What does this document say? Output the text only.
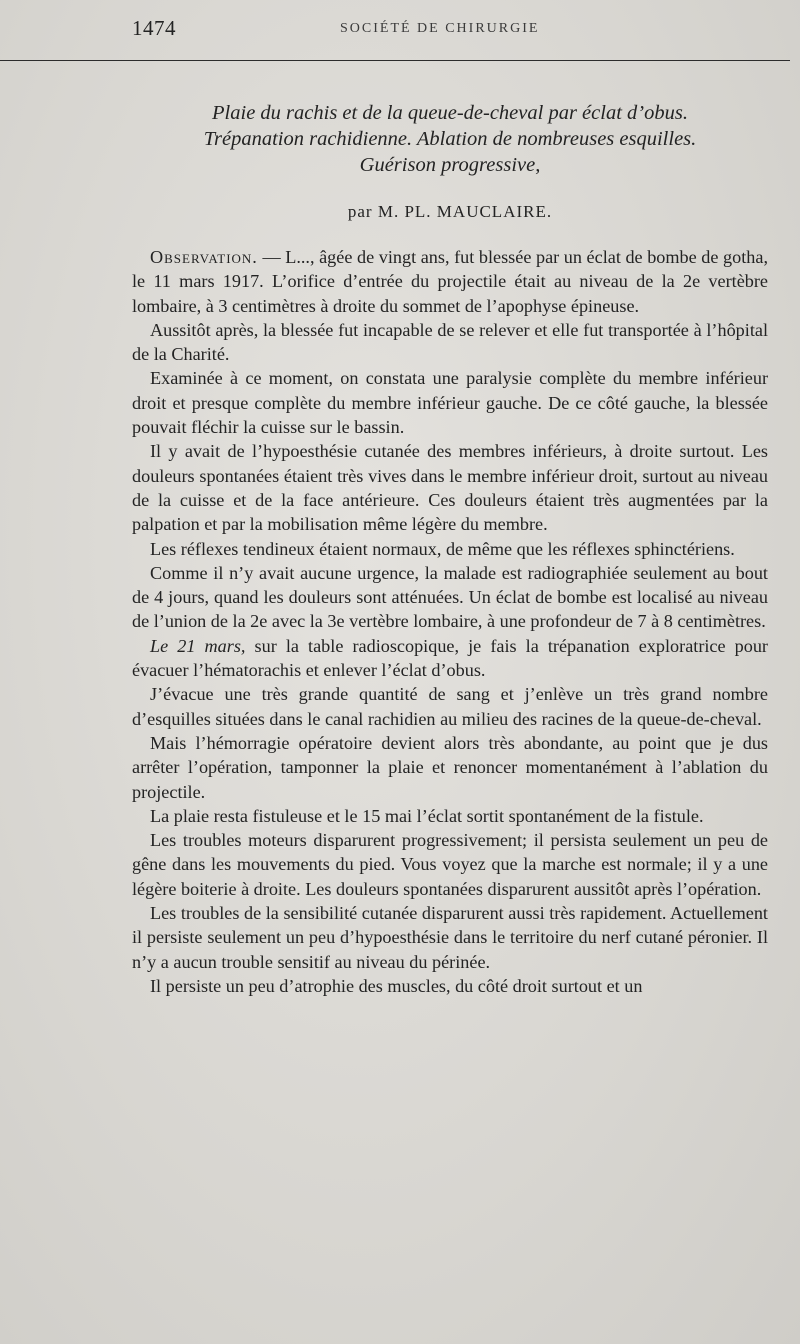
1474	SOCIÉTÉ DE CHIRURGIE
Plaie du rachis et de la queue-de-cheval par éclat d’obus.
Trépanation rachidienne. Ablation de nombreuses esquilles.
Guérison progressive,
par M. PL. MAUCLAIRE.

Observation. — L..., âgée de vingt ans, fut blessée par un éclat de bombe de gotha, le 11 mars 1917. L’orifice d’entrée du projectile était au niveau de la 2e vertèbre lombaire, à 3 centimètres à droite du sommet de l’apophyse épineuse.

Aussitôt après, la blessée fut incapable de se relever et elle fut transportée à l’hôpital de la Charité.

Examinée à ce moment, on constata une paralysie complète du membre inférieur droit et presque complète du membre inférieur gauche. De ce côté gauche, la blessée pouvait fléchir la cuisse sur le bassin.

Il y avait de l’hypoesthésie cutanée des membres inférieurs, à droite surtout. Les douleurs spontanées étaient très vives dans le membre inférieur droit, surtout au niveau de la cuisse et de la face antérieure. Ces douleurs étaient très augmentées par la palpation et par la mobilisation même légère du membre.

Les réflexes tendineux étaient normaux, de même que les réflexes sphinctériens.

Comme il n’y avait aucune urgence, la malade est radiographiée seulement au bout de 4 jours, quand les douleurs sont atténuées. Un éclat de bombe est localisé au niveau de l’union de la 2e avec la 3e vertèbre lombaire, à une profondeur de 7 à 8 centimètres.

Le 21 mars, sur la table radioscopique, je fais la trépanation exploratrice pour évacuer l’hématorachis et enlever l’éclat d’obus.

J’évacue une très grande quantité de sang et j’enlève un très grand nombre d’esquilles situées dans le canal rachidien au milieu des racines de la queue-de-cheval.

Mais l’hémorragie opératoire devient alors très abondante, au point que je dus arrêter l’opération, tamponner la plaie et renoncer momentanément à l’ablation du projectile.

La plaie resta fistuleuse et le 15 mai l’éclat sortit spontanément de la fistule.

Les troubles moteurs disparurent progressivement; il persista seulement un peu de gêne dans les mouvements du pied. Vous voyez que la marche est normale; il y a une légère boiterie à droite. Les douleurs spontanées disparurent aussitôt après l’opération.

Les troubles de la sensibilité cutanée disparurent aussi très rapidement. Actuellement il persiste seulement un peu d’hypoesthésie dans le territoire du nerf cutané péronier. Il n’y a aucun trouble sensitif au niveau du périnée.

Il persiste un peu d’atrophie des muscles, du côté droit surtout et un
